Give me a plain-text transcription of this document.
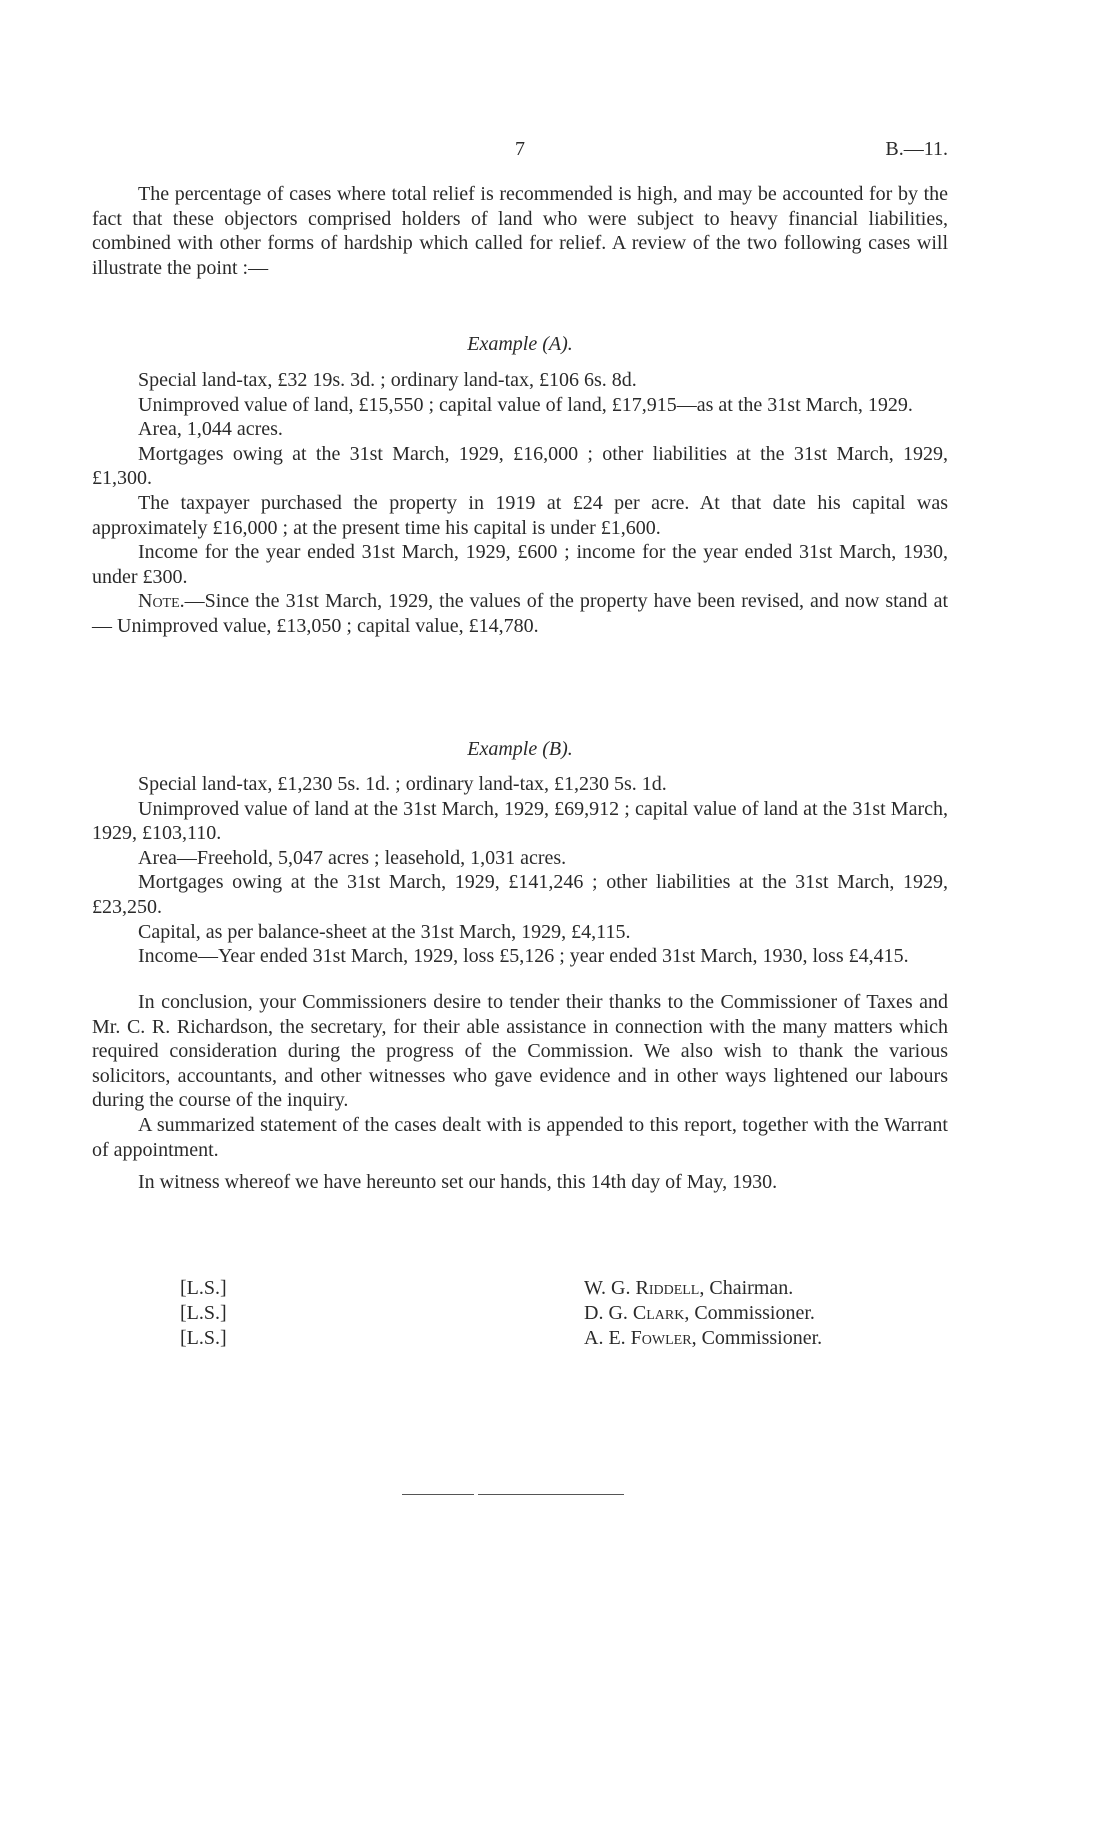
7	B.—11.

The percentage of cases where total relief is recommended is high, and may be accounted for by the fact that these objectors comprised holders of land who were subject to heavy financial liabilities, combined with other forms of hardship which called for relief. A review of the two following cases will illustrate the point :—

Example (A).

Special land-tax, £32 19s. 3d. ; ordinary land-tax, £106 6s. 8d.

Unimproved value of land, £15,550 ; capital value of land, £17,915—as at the 31st March, 1929.

Area, 1,044 acres.

Mortgages owing at the 31st March, 1929, £16,000 ; other liabilities at the 31st March, 1929, £1,300.

The taxpayer purchased the property in 1919 at £24 per acre. At that date his capital was approximately £16,000 ; at the present time his capital is under £1,600.

Income for the year ended 31st March, 1929, £600 ; income for the year ended 31st March, 1930, under £300.

Note.—Since the 31st March, 1929, the values of the property have been revised, and now stand at— Unimproved value, £13,050 ; capital value, £14,780.

Example (B).

Special land-tax, £1,230 5s. 1d. ; ordinary land-tax, £1,230 5s. 1d.

Unimproved value of land at the 31st March, 1929, £69,912 ; capital value of land at the 31st March, 1929, £103,110.

Area—Freehold, 5,047 acres ; leasehold, 1,031 acres.

Mortgages owing at the 31st March, 1929, £141,246 ; other liabilities at the 31st March, 1929, £23,250.

Capital, as per balance-sheet at the 31st March, 1929, £4,115.

Income—Year ended 31st March, 1929, loss £5,126 ; year ended 31st March, 1930, loss £4,415.

In conclusion, your Commissioners desire to tender their thanks to the Commissioner of Taxes and Mr. C. R. Richardson, the secretary, for their able assistance in connection with the many matters which required consideration during the progress of the Commission. We also wish to thank the various solicitors, accountants, and other witnesses who gave evidence and in other ways lightened our labours during the course of the inquiry.

A summarized statement of the cases dealt with is appended to this report, together with the Warrant of appointment.

In witness whereof we have hereunto set our hands, this 14th day of May, 1930.

[L.S.]
[L.S.]
[L.S.]
W. G. Riddell, Chairman.
D. G. Clark, Commissioner.
A. E. Fowler, Commissioner.
